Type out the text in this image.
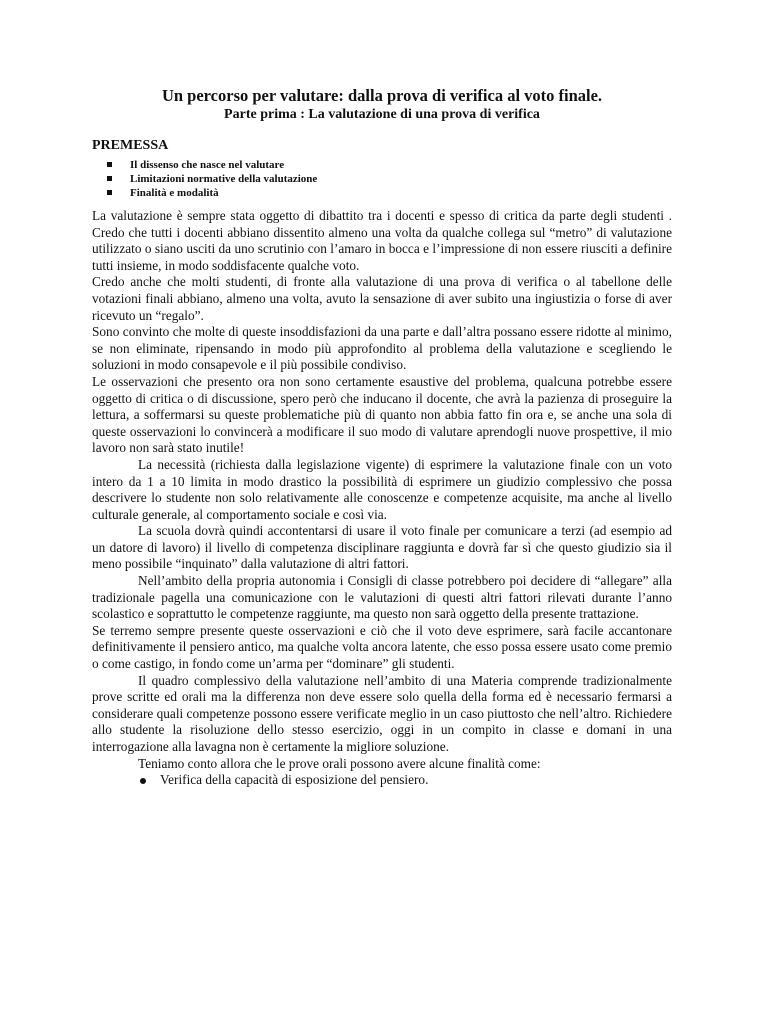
Un percorso per valutare: dalla prova di verifica al voto finale.
Parte prima : La valutazione di una prova di verifica
PREMESSA
Il dissenso che nasce nel valutare
Limitazioni normative della valutazione
Finalità e modalità

La valutazione è sempre stata oggetto di dibattito tra i docenti e spesso di critica da parte degli studenti . Credo che tutti i docenti abbiano dissentito almeno una volta da qualche collega sul “metro” di valutazione utilizzato o siano usciti da uno scrutinio con l’amaro in bocca e l’impressione di non essere riusciti a definire tutti insieme, in modo soddisfacente qualche voto.

Credo anche che molti studenti, di fronte alla valutazione di una prova di verifica o al tabellone delle votazioni finali abbiano, almeno una volta, avuto la sensazione di aver subito una ingiustizia o forse di aver ricevuto un “regalo”.

Sono convinto che molte di queste insoddisfazioni da una parte e dall’altra possano essere ridotte al minimo, se non eliminate, ripensando in modo più approfondito al problema della valutazione e scegliendo le soluzioni in modo consapevole e il più possibile condiviso.

Le osservazioni che presento ora non sono certamente esaustive del problema, qualcuna potrebbe essere oggetto di critica o di discussione, spero però che inducano il docente, che avrà la pazienza di proseguire la lettura, a soffermarsi su queste problematiche più di quanto non abbia fatto fin ora e, se anche una sola di queste osservazioni lo convincerà a modificare il suo modo di valutare aprendogli nuove prospettive, il mio lavoro non sarà stato inutile!

La necessità (richiesta dalla legislazione vigente) di esprimere la valutazione finale con un voto intero da 1 a 10 limita in modo drastico la possibilità di esprimere un giudizio complessivo che possa descrivere lo studente non solo relativamente alle conoscenze e competenze acquisite, ma anche al livello culturale generale, al comportamento sociale e così via.

La scuola dovrà quindi accontentarsi di usare il voto finale per comunicare a terzi (ad esempio ad un datore di lavoro) il livello di competenza disciplinare raggiunta e dovrà far sì che questo giudizio sia il meno possibile “inquinato” dalla valutazione di altri fattori.

Nell’ambito della propria autonomia i Consigli di classe potrebbero poi decidere di “allegare” alla tradizionale pagella una comunicazione con le valutazioni di questi altri fattori rilevati durante l’anno scolastico e soprattutto le competenze raggiunte, ma questo non sarà oggetto della presente trattazione.

Se terremo sempre presente queste osservazioni e ciò che il voto deve esprimere, sarà facile accantonare definitivamente il pensiero antico, ma qualche volta ancora latente, che esso possa essere usato come premio o come castigo, in fondo come un’arma per “dominare” gli studenti.

Il quadro complessivo della valutazione nell’ambito di una Materia comprende tradizionalmente prove scritte ed orali ma la differenza non deve essere solo quella della forma ed è necessario fermarsi a considerare quali competenze possono essere verificate meglio in un caso piuttosto che nell’altro. Richiedere allo studente la risoluzione dello stesso esercizio, oggi in un compito in classe e domani in una interrogazione alla lavagna non è certamente la migliore soluzione.

Teniamo conto allora che le prove orali possono avere alcune finalità come:

Verifica della capacità di esposizione del pensiero.
